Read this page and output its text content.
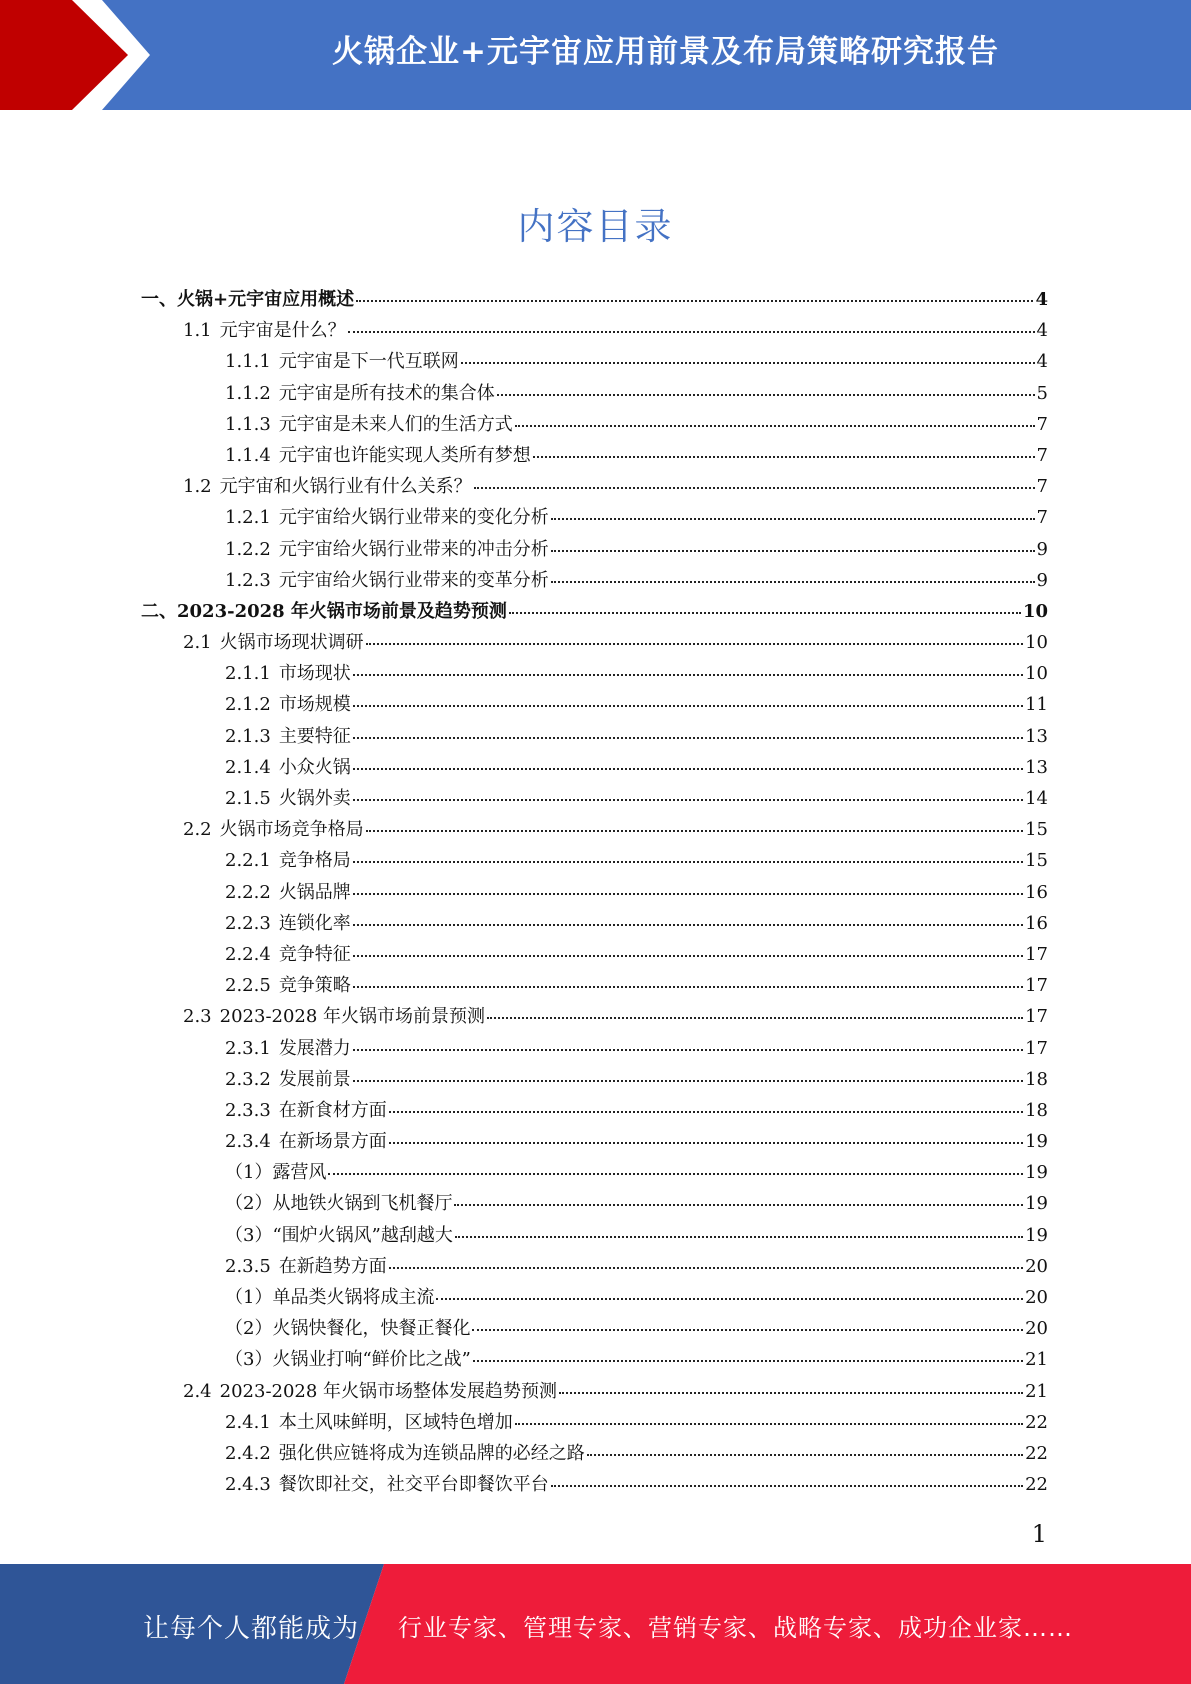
火锅企业+元宇宙应用前景及布局策略研究报告
内容目录
一、 火锅+元宇宙应用概述	4
1.1 元宇宙是什么？	4
1.1.1 元宇宙是下一代互联网	4
1.1.2 元宇宙是所有技术的集合体	5
1.1.3 元宇宙是未来人们的生活方式	7
1.1.4 元宇宙也许能实现人类所有梦想	7
1.2 元宇宙和火锅行业有什么关系？	7
1.2.1 元宇宙给火锅行业带来的变化分析	7
1.2.2 元宇宙给火锅行业带来的冲击分析	9
1.2.3 元宇宙给火锅行业带来的变革分析	9
二、 2023-2028 年火锅市场前景及趋势预测	10
2.1 火锅市场现状调研	10
2.1.1 市场现状	10
2.1.2 市场规模	11
2.1.3 主要特征	13
2.1.4 小众火锅	13
2.1.5 火锅外卖	14
2.2 火锅市场竞争格局	15
2.2.1 竞争格局	15
2.2.2 火锅品牌	16
2.2.3 连锁化率	16
2.2.4 竞争特征	17
2.2.5 竞争策略	17
2.3 2023-2028 年火锅市场前景预测	17
2.3.1 发展潜力	17
2.3.2 发展前景	18
2.3.3 在新食材方面	18
2.3.4 在新场景方面	19
（1） 露营风	19
（2） 从地铁火锅到飞机餐厅	19
（3） “围炉火锅风”越刮越大	19
2.3.5 在新趋势方面	20
（1） 单品类火锅将成主流	20
（2） 火锅快餐化，快餐正餐化	20
（3） 火锅业打响“鲜价比之战”	21
2.4 2023-2028 年火锅市场整体发展趋势预测	21
2.4.1 本土风味鲜明，区域特色增加	22
2.4.2 强化供应链将成为连锁品牌的必经之路	22
2.4.3 餐饮即社交，社交平台即餐饮平台	22
1
让每个人都能成为 行业专家、管理专家、营销专家、战略专家、成功企业家……
